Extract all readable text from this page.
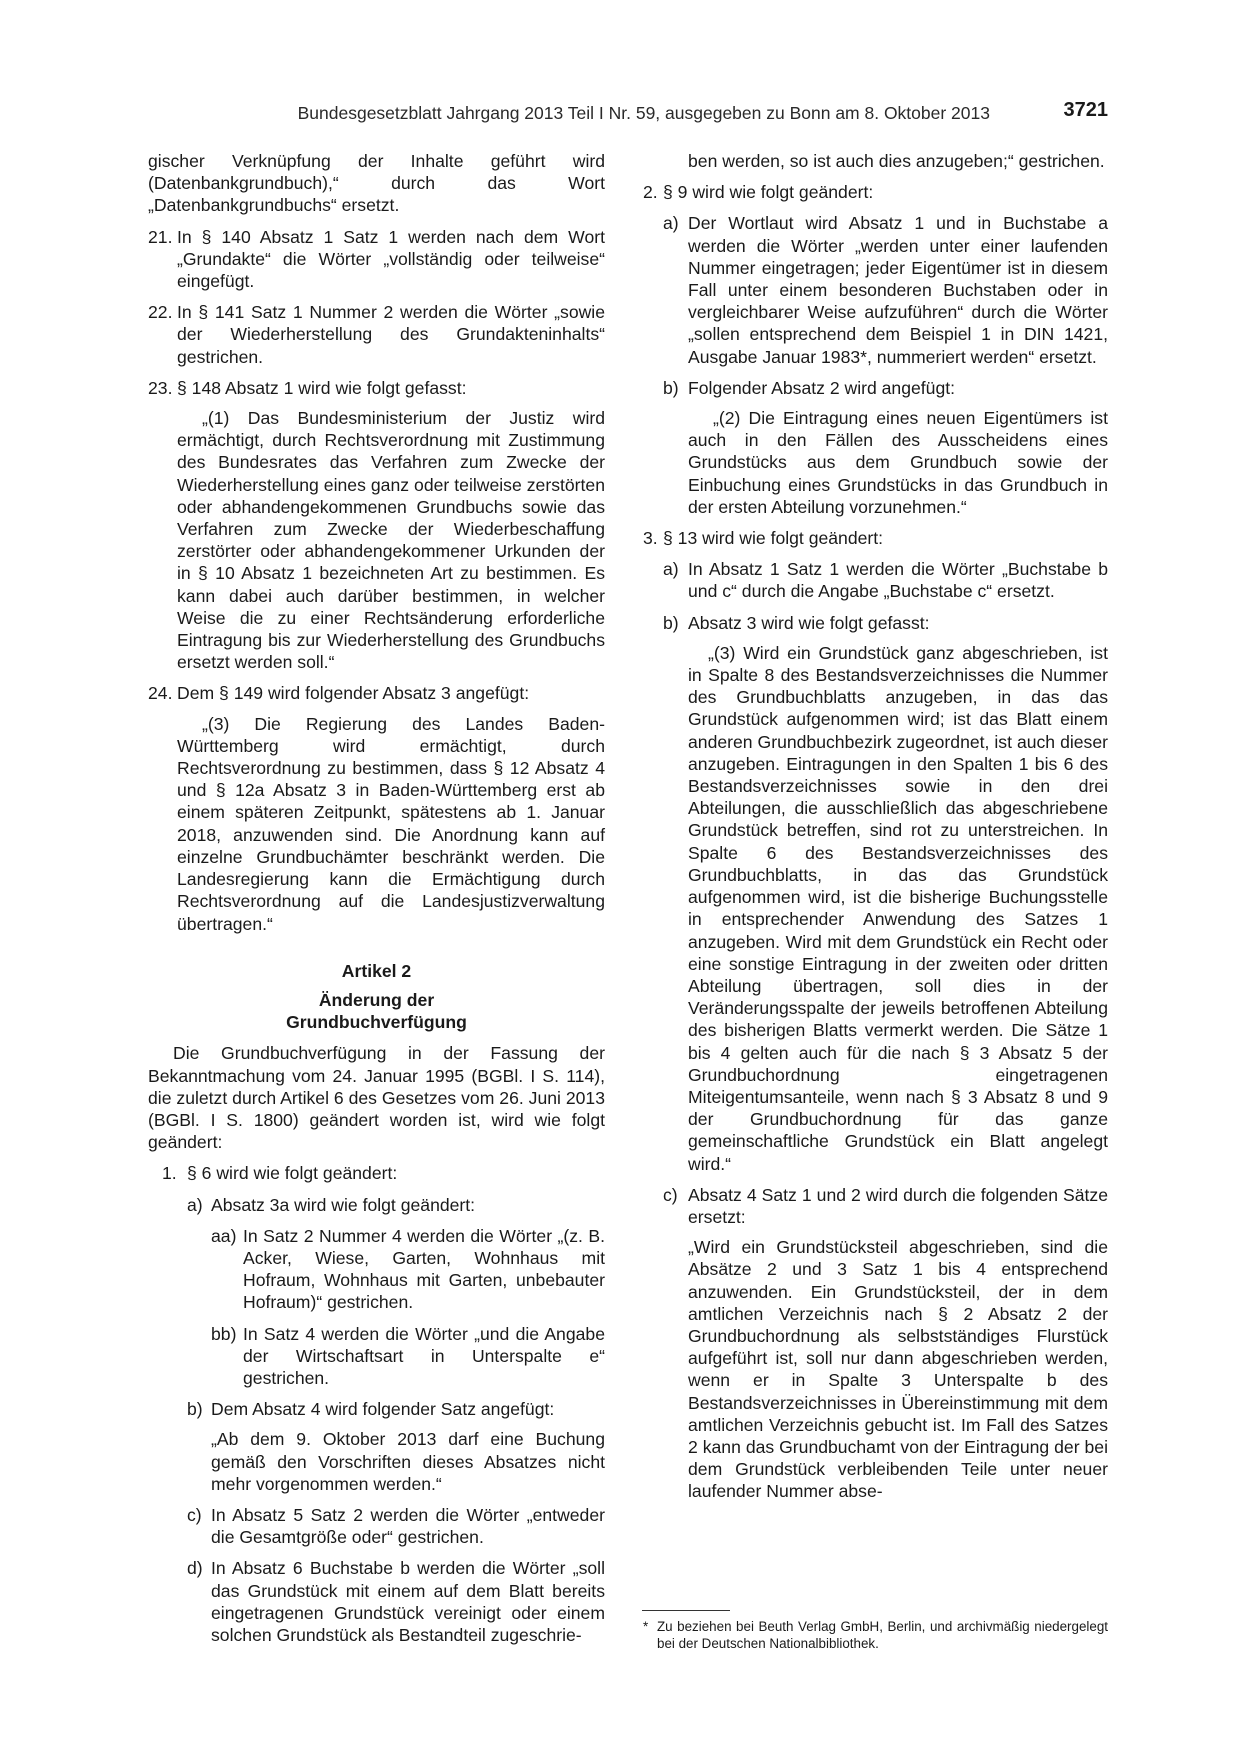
Bundesgesetzblatt Jahrgang 2013 Teil I Nr. 59, ausgegeben zu Bonn am 8. Oktober 2013	3721

gischer Verknüpfung der Inhalte geführt wird (Datenbankgrundbuch),“ durch das Wort „Datenbankgrundbuchs“ ersetzt.

21. In § 140 Absatz 1 Satz 1 werden nach dem Wort „Grundakte“ die Wörter „vollständig oder teilweise“ eingefügt.
22. In § 141 Satz 1 Nummer 2 werden die Wörter „sowie der Wiederherstellung des Grundakteninhalts“ gestrichen.
23. § 148 Absatz 1 wird wie folgt gefasst:

„(1) Das Bundesministerium der Justiz wird ermächtigt, durch Rechtsverordnung mit Zustimmung des Bundesrates das Verfahren zum Zwecke der Wiederherstellung eines ganz oder teilweise zerstörten oder abhandengekommenen Grundbuchs sowie das Verfahren zum Zwecke der Wiederbeschaffung zerstörter oder abhandengekommener Urkunden der in § 10 Absatz 1 bezeichneten Art zu bestimmen. Es kann dabei auch darüber bestimmen, in welcher Weise die zu einer Rechtsänderung erforderliche Eintragung bis zur Wiederherstellung des Grundbuchs ersetzt werden soll.“

24. Dem § 149 wird folgender Absatz 3 angefügt:

„(3) Die Regierung des Landes Baden-Württemberg wird ermächtigt, durch Rechtsverordnung zu bestimmen, dass § 12 Absatz 4 und § 12a Absatz 3 in Baden-Württemberg erst ab einem späteren Zeitpunkt, spätestens ab 1. Januar 2018, anzuwenden sind. Die Anordnung kann auf einzelne Grundbuchämter beschränkt werden. Die Landesregierung kann die Ermächtigung durch Rechtsverordnung auf die Landesjustizverwaltung übertragen.“

Artikel 2
Änderung der
Grundbuchverfügung

Die Grundbuchverfügung in der Fassung der Bekanntmachung vom 24. Januar 1995 (BGBl. I S. 114), die zuletzt durch Artikel 6 des Gesetzes vom 26. Juni 2013 (BGBl. I S. 1800) geändert worden ist, wird wie folgt geändert:

1. § 6 wird wie folgt geändert:
a) Absatz 3a wird wie folgt geändert:
aa) In Satz 2 Nummer 4 werden die Wörter „(z. B. Acker, Wiese, Garten, Wohnhaus mit Hofraum, Wohnhaus mit Garten, unbebauter Hofraum)“ gestrichen.
bb) In Satz 4 werden die Wörter „und die Angabe der Wirtschaftsart in Unterspalte e“ gestrichen.
b) Dem Absatz 4 wird folgender Satz angefügt:

„Ab dem 9. Oktober 2013 darf eine Buchung gemäß den Vorschriften dieses Absatzes nicht mehr vorgenommen werden.“

c) In Absatz 5 Satz 2 werden die Wörter „entweder die Gesamtgröße oder“ gestrichen.
d) In Absatz 6 Buchstabe b werden die Wörter „soll das Grundstück mit einem auf dem Blatt bereits eingetragenen Grundstück vereinigt oder einem solchen Grundstück als Bestandteil zugeschrie-

ben werden, so ist auch dies anzugeben;“ gestrichen.

2. § 9 wird wie folgt geändert:
a) Der Wortlaut wird Absatz 1 und in Buchstabe a werden die Wörter „werden unter einer laufenden Nummer eingetragen; jeder Eigentümer ist in diesem Fall unter einem besonderen Buchstaben oder in vergleichbarer Weise aufzuführen“ durch die Wörter „sollen entsprechend dem Beispiel 1 in DIN 1421, Ausgabe Januar 1983*, nummeriert werden“ ersetzt.
b) Folgender Absatz 2 wird angefügt:

„(2) Die Eintragung eines neuen Eigentümers ist auch in den Fällen des Ausscheidens eines Grundstücks aus dem Grundbuch sowie der Einbuchung eines Grundstücks in das Grundbuch in der ersten Abteilung vorzunehmen.“

3. § 13 wird wie folgt geändert:
a) In Absatz 1 Satz 1 werden die Wörter „Buchstabe b und c“ durch die Angabe „Buchstabe c“ ersetzt.
b) Absatz 3 wird wie folgt gefasst:

„(3) Wird ein Grundstück ganz abgeschrieben, ist in Spalte 8 des Bestandsverzeichnisses die Nummer des Grundbuchblatts anzugeben, in das das Grundstück aufgenommen wird; ist das Blatt einem anderen Grundbuchbezirk zugeordnet, ist auch dieser anzugeben. Eintragungen in den Spalten 1 bis 6 des Bestandsverzeichnisses sowie in den drei Abteilungen, die ausschließlich das abgeschriebene Grundstück betreffen, sind rot zu unterstreichen. In Spalte 6 des Bestandsverzeichnisses des Grundbuchblatts, in das das Grundstück aufgenommen wird, ist die bisherige Buchungsstelle in entsprechender Anwendung des Satzes 1 anzugeben. Wird mit dem Grundstück ein Recht oder eine sonstige Eintragung in der zweiten oder dritten Abteilung übertragen, soll dies in der Veränderungsspalte der jeweils betroffenen Abteilung des bisherigen Blatts vermerkt werden. Die Sätze 1 bis 4 gelten auch für die nach § 3 Absatz 5 der Grundbuchordnung eingetragenen Miteigentumsanteile, wenn nach § 3 Absatz 8 und 9 der Grundbuchordnung für das ganze gemeinschaftliche Grundstück ein Blatt angelegt wird.“

c) Absatz 4 Satz 1 und 2 wird durch die folgenden Sätze ersetzt:

„Wird ein Grundstücksteil abgeschrieben, sind die Absätze 2 und 3 Satz 1 bis 4 entsprechend anzuwenden. Ein Grundstücksteil, der in dem amtlichen Verzeichnis nach § 2 Absatz 2 der Grundbuchordnung als selbstständiges Flurstück aufgeführt ist, soll nur dann abgeschrieben werden, wenn er in Spalte 3 Unterspalte b des Bestandsverzeichnisses in Übereinstimmung mit dem amtlichen Verzeichnis gebucht ist. Im Fall des Satzes 2 kann das Grundbuchamt von der Eintragung der bei dem Grundstück verbleibenden Teile unter neuer laufender Nummer abse-

* Zu beziehen bei Beuth Verlag GmbH, Berlin, und archivmäßig niedergelegt bei der Deutschen Nationalbibliothek.
